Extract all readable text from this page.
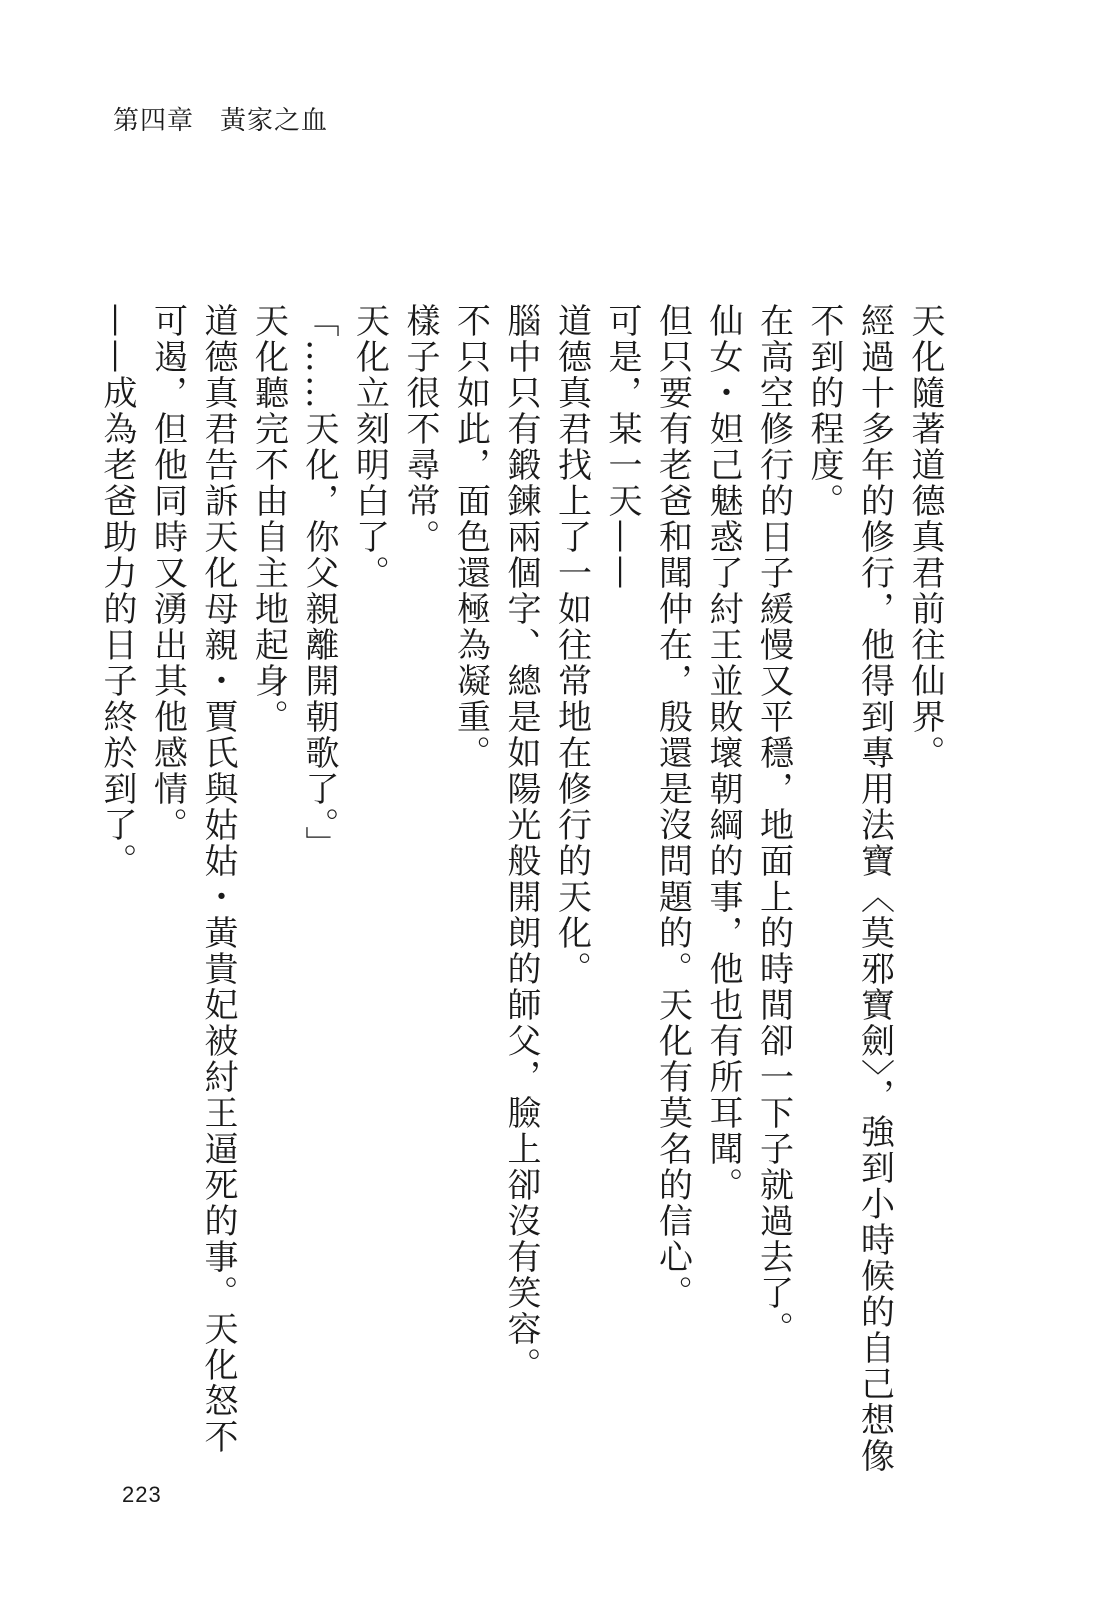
第四章 黃家之血

天化隨著道德真君前往仙界。

經過十多年的修行，他得到專用法寶〈莫邪寶劍〉，強到小時候的自己想像不到的程度。

在高空修行的日子緩慢又平穩，地面上的時間卻一下子就過去了。

仙女・妲己魅惑了紂王並敗壞朝綱的事，他也有所耳聞。

但只要有老爸和聞仲在，殷還是沒問題的。天化有莫名的信心。

可是，某一天——

道德真君找上了一如往常地在修行的天化。

腦中只有鍛鍊兩個字、總是如陽光般開朗的師父，臉上卻沒有笑容。

不只如此，面色還極為凝重。

樣子很不尋常。

天化立刻明白了。

「……天化，你父親離開朝歌了。」

天化聽完不由自主地起身。

道德真君告訴天化母親・賈氏與姑姑・黃貴妃被紂王逼死的事。天化怒不可遏，但他同時又湧出其他感情。

——成為老爸助力的日子終於到了。

223
